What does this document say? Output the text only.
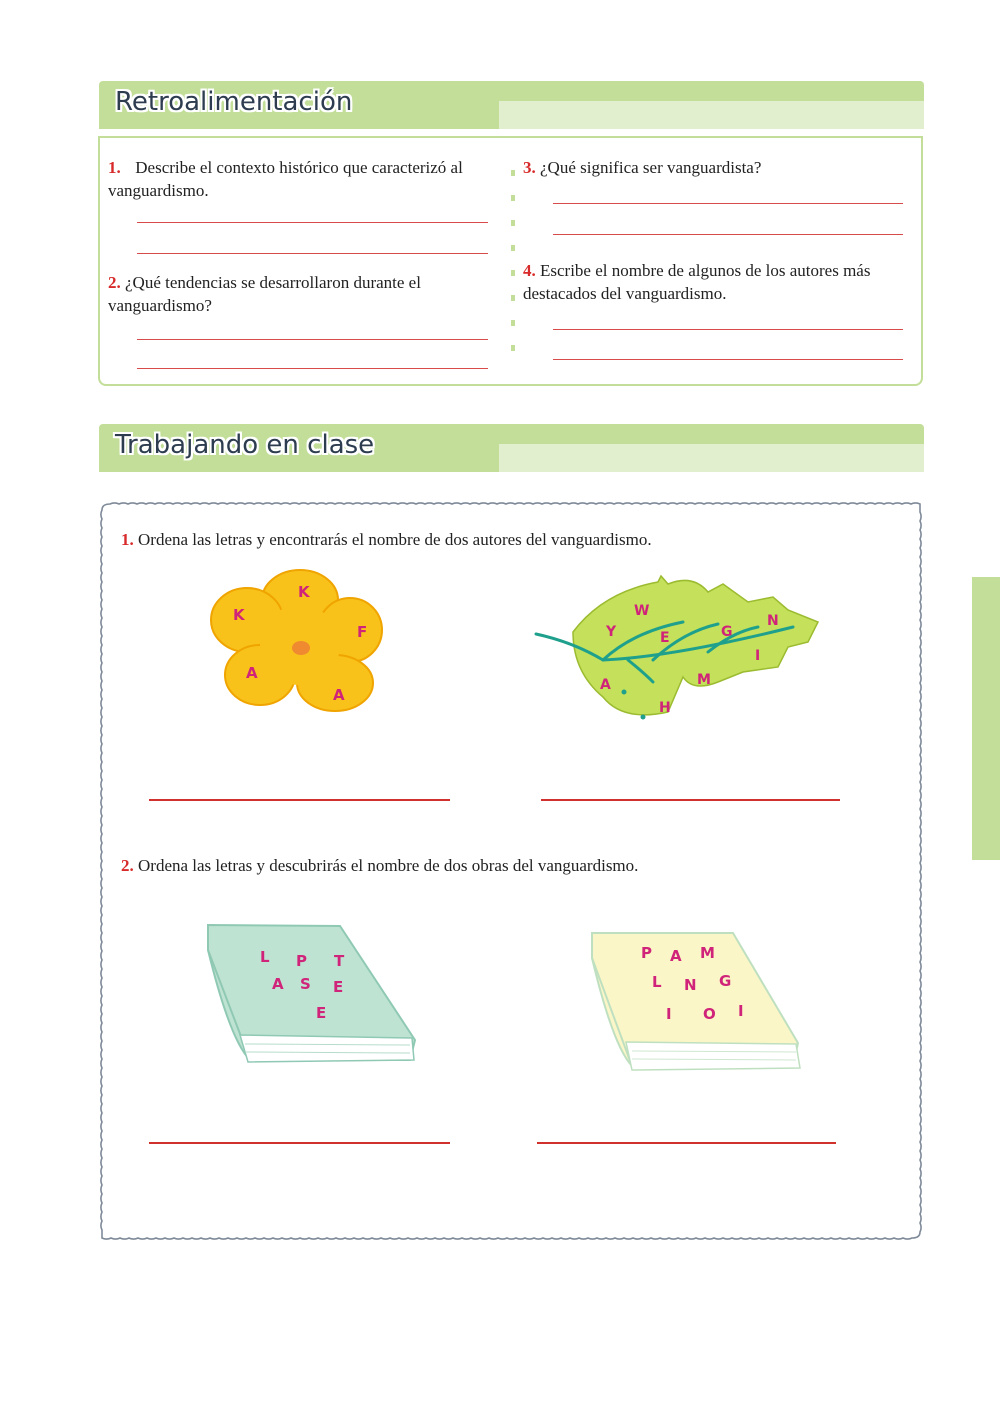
Retroalimentación
1. Describe el contexto histórico que caracterizó al vanguardismo.
2. ¿Qué tendencias se desarrollaron durante el vanguardismo?
3. ¿Qué significa ser vanguardista?
4. Escribe el nombre de algunos de los autores más destacados del vanguardismo.
Trabajando en clase
1. Ordena las letras y encontrarás el nombre de dos autores del vanguardismo.
K
K
F
A
A
W
Y	E	G
N
I
A	M
H
2. Ordena las letras y descubrirás el nombre de dos obras del vanguardismo.
L P T
A S E
E
P A M
L N G
I O I
